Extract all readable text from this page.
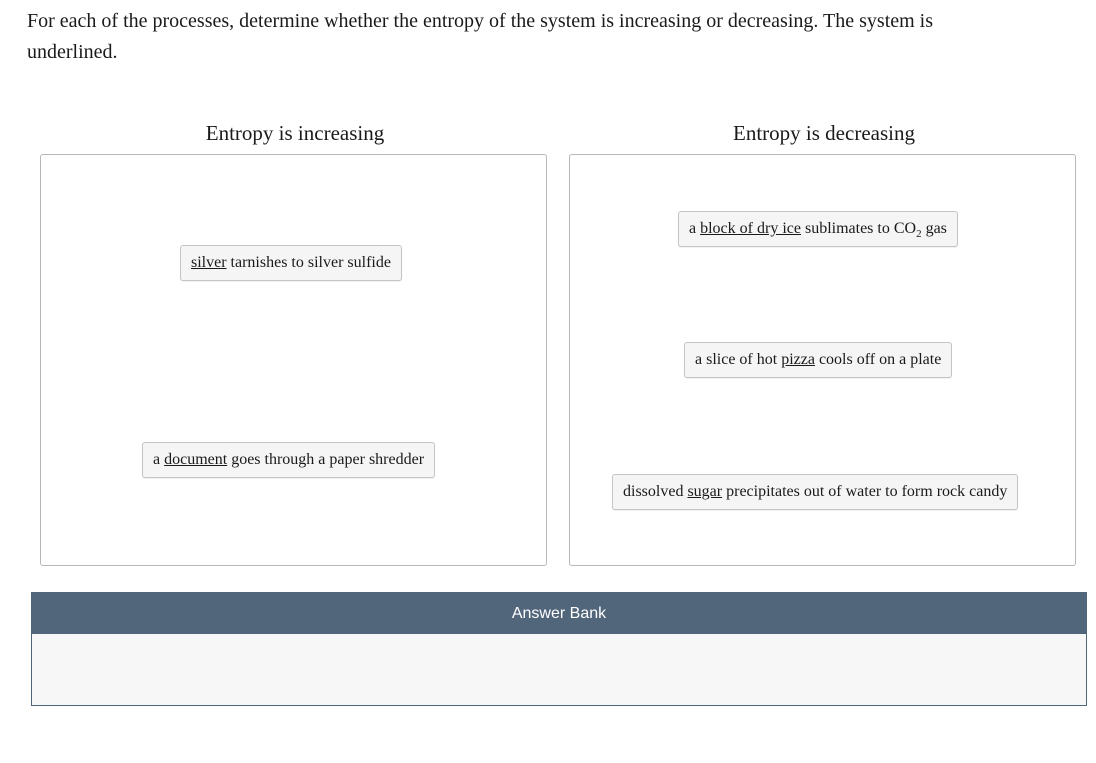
For each of the processes, determine whether the entropy of the system is increasing or decreasing. The system is underlined.

Entropy is increasing	Entropy is decreasing
silver tarnishes to silver sulfide
a document goes through a paper shredder
a block of dry ice sublimates to $CO_2$ gas
a slice of hot pizza cools off on a plate
dissolved sugar precipitates out of water to form rock candy
Answer Bank
